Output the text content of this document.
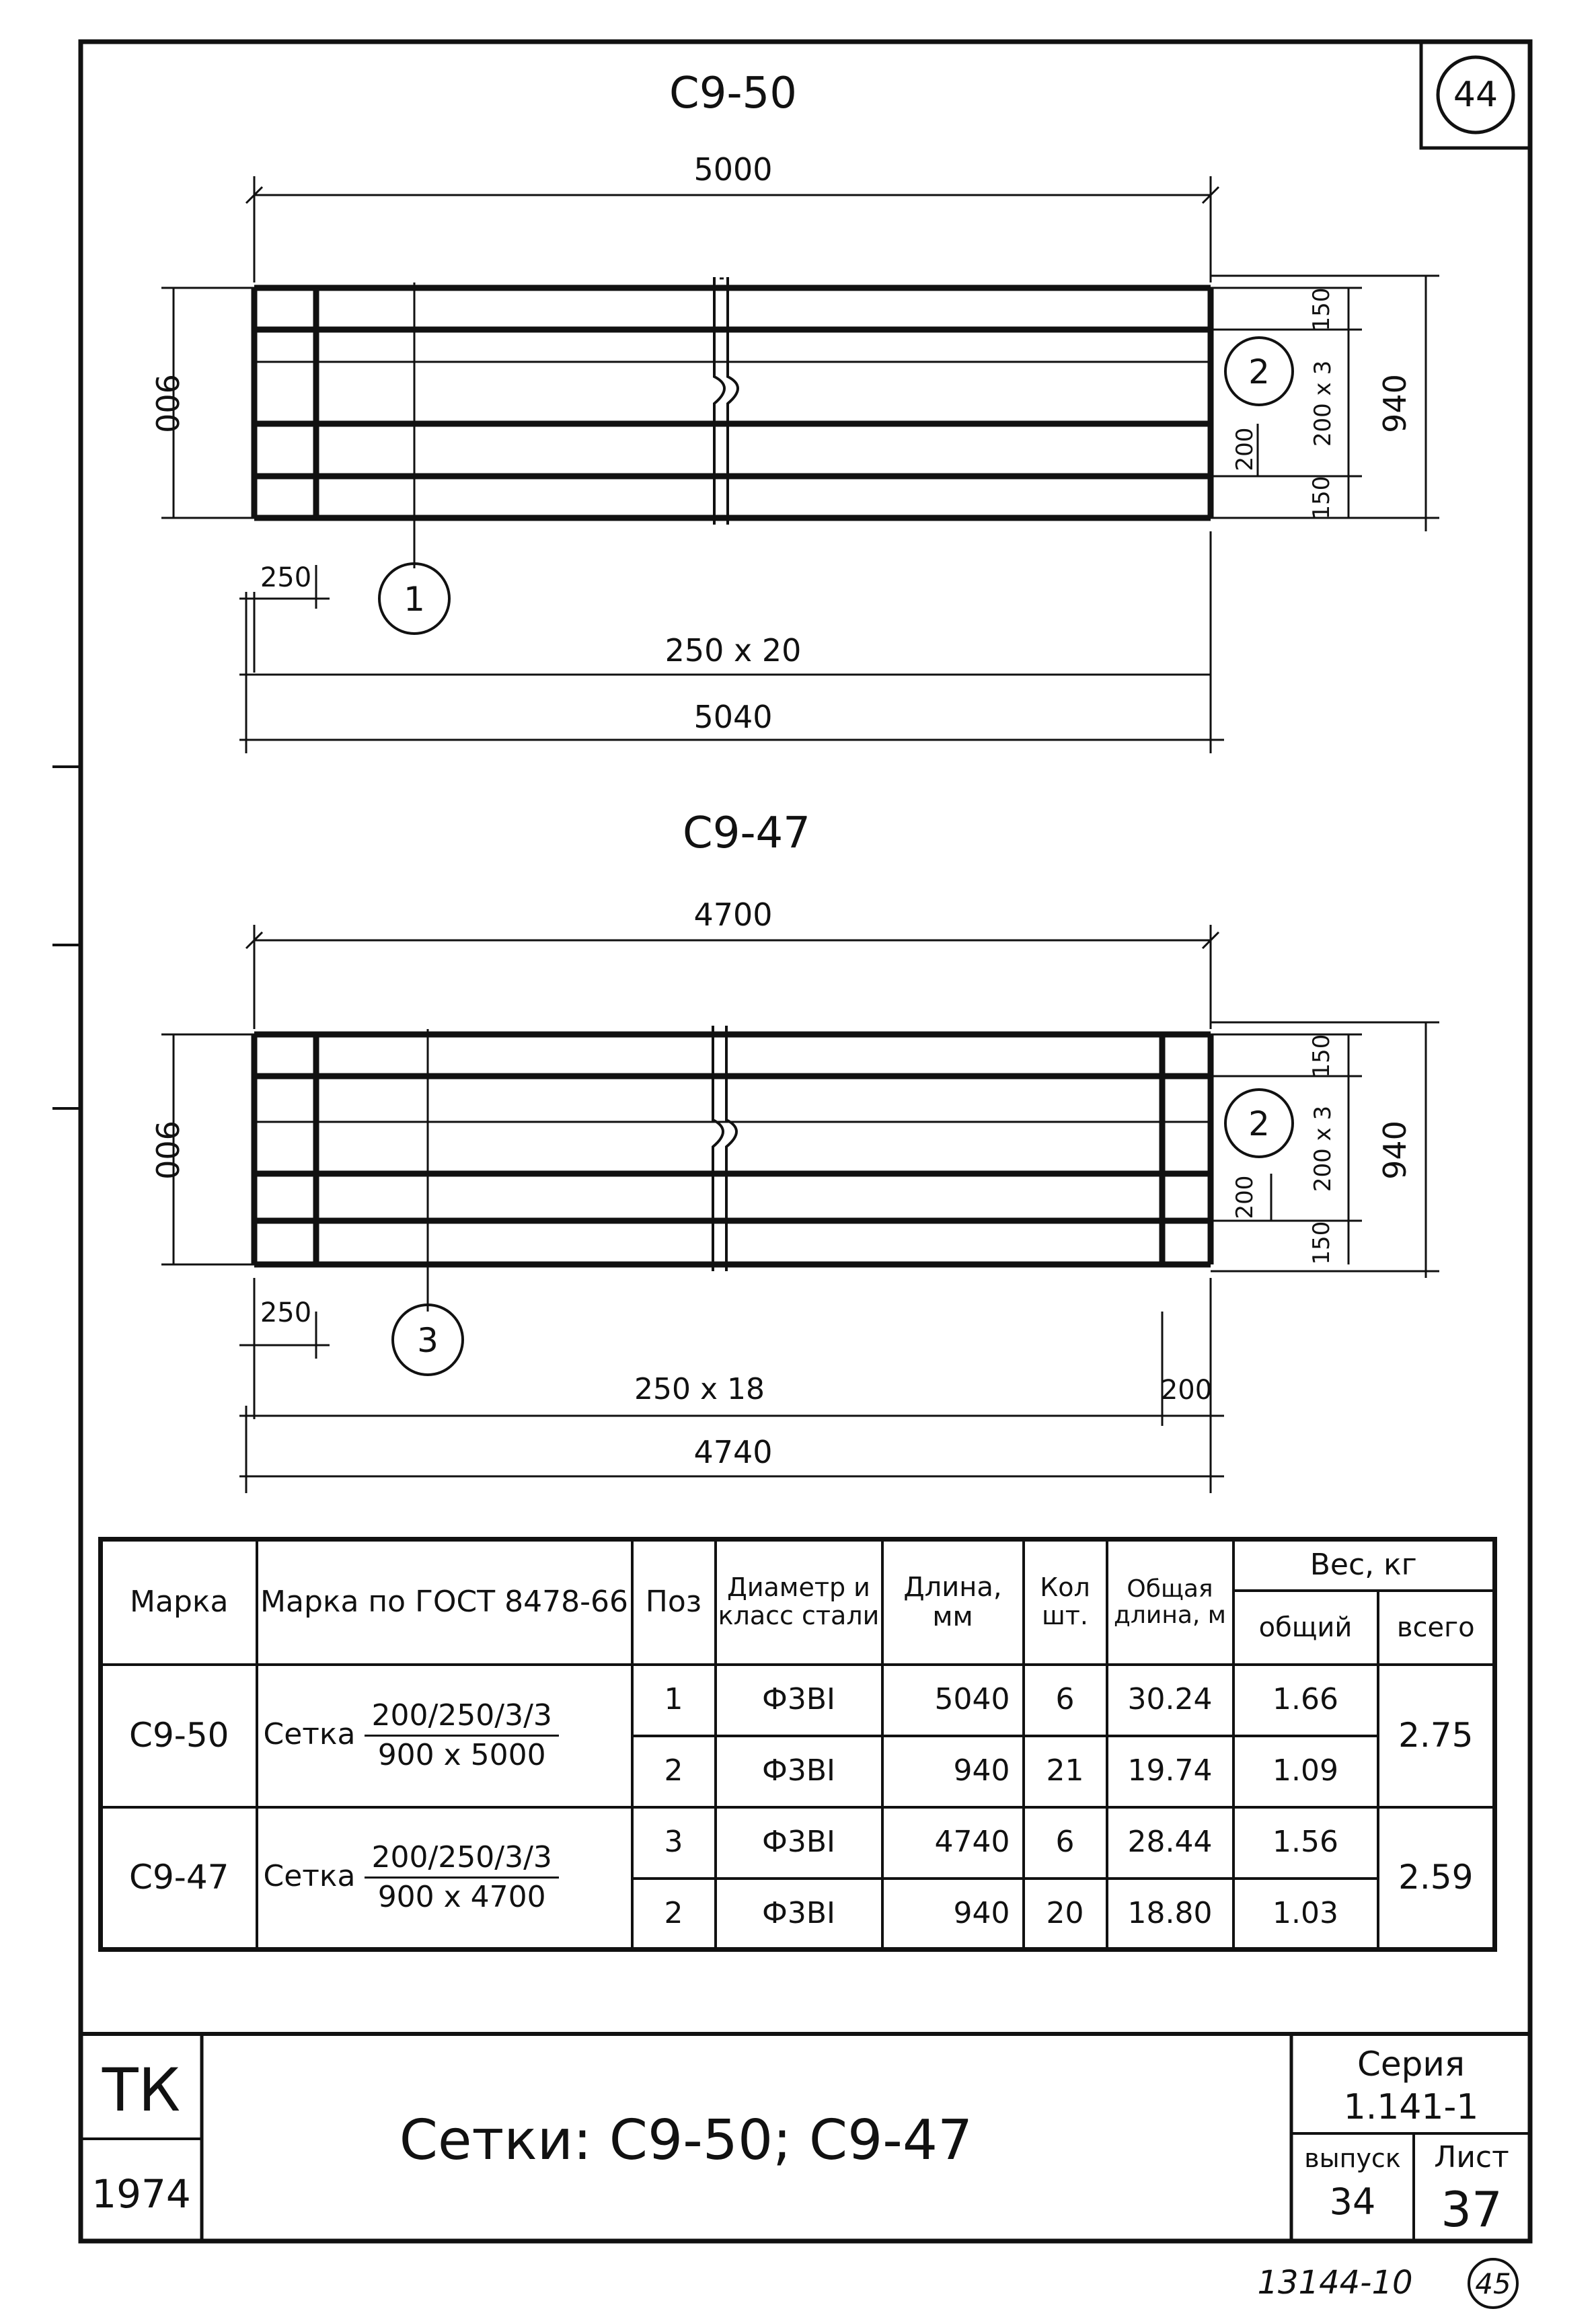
44
С9-50
5000
900
150
200 х 3
150
200
940
1
2
250
250 х 20
5040
С9-47
4700
900
150
200 х 3
150
200
940
3
2
250
250 х 18	200
4740
ТК
1974
Сетки: С9-50; С9-47
Серия
1.141-1
выпуск
34
Лист
37
13144-10 45
Марка	Марка по ГОСТ 8478-66	Поз	Диаметр и класс стали	Длина, мм	Кол шт.	Общая длина, м	Вес, кг	
							общий	всего
С9-50	Сетка $\frac{200/250/3/3}{900 х 5000}$	1	Ф3ВI	5040	6	30.24	1.66	2.75
		2	Ф3ВI	940	21	19.74	1.09	
С9-47	Сетка $\frac{200/250/3/3}{900 х 4700}$	3	Ф3ВI	4740	6	28.44	1.56	2.59
		2	Ф3ВI	940	20	18.80	1.03	
